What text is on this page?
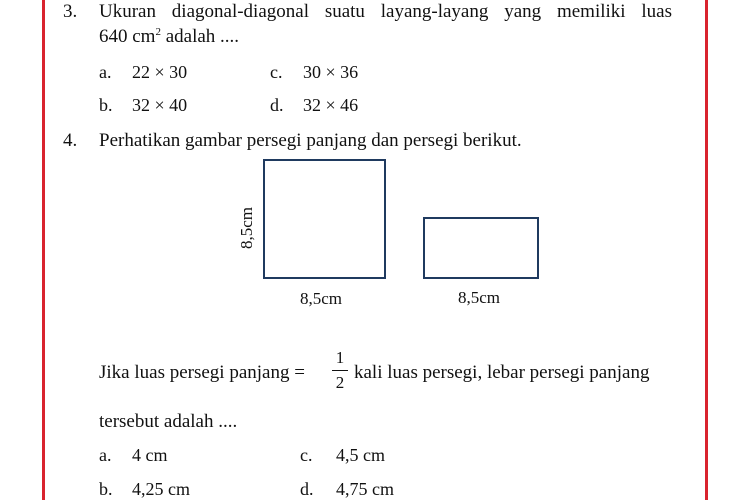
3. Ukuran diagonal-diagonal suatu layang-layang yang memiliki luas
640 $cm^2$ adalah ....
a. 22 × 30	c. 30 × 36
b. 32 × 40	d. 32 × 46
4. Perhatikan gambar persegi panjang dan persegi berikut.
8,5cm
8,5cm	8,5cm
Jika luas persegi panjang =
1
2 kali luas persegi, lebar persegi panjang
tersebut adalah ....
a. 4 cm	c. 4,5 cm
b. 4,25 cm	d. 4,75 cm
